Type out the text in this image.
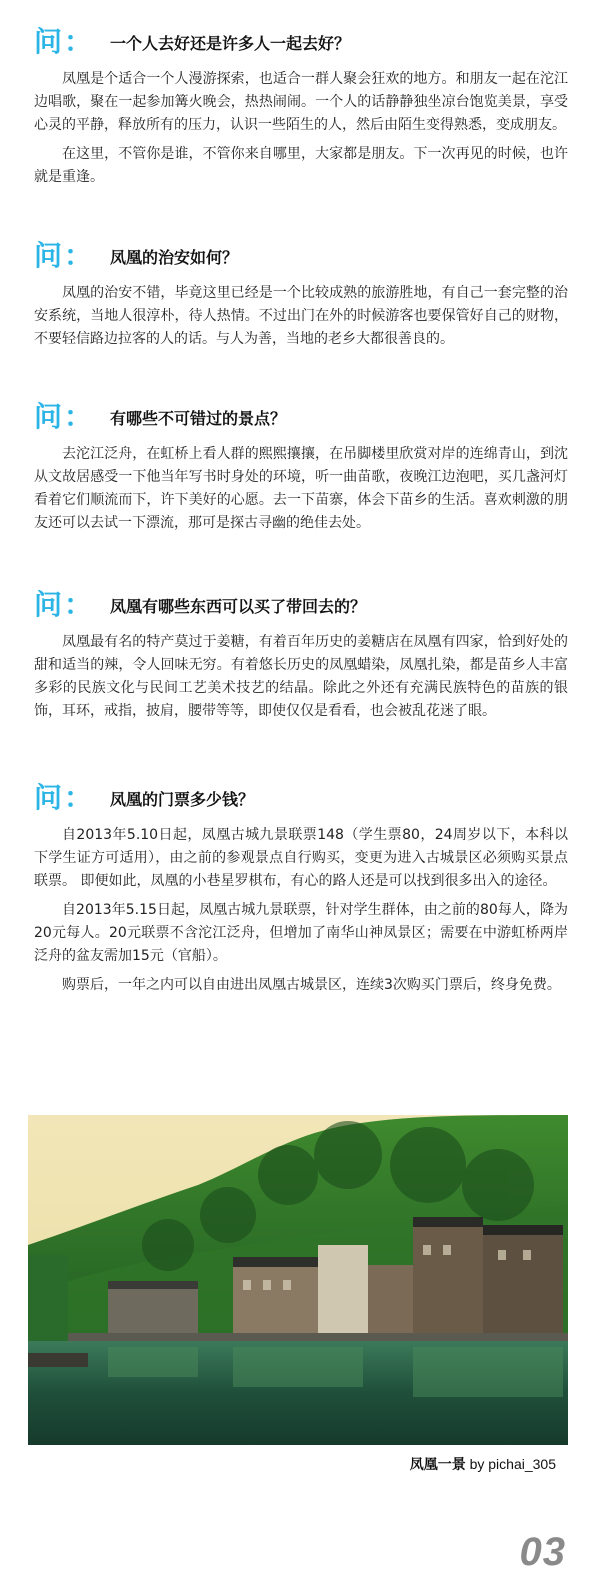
问： 一个人去好还是许多人一起去好？

凤凰是个适合一个人漫游探索，也适合一群人聚会狂欢的地方。和朋友一起在沱江边唱歌，聚在一起参加篝火晚会，热热闹闹。一个人的话静静独坐凉台饱览美景，享受心灵的平静，释放所有的压力，认识一些陌生的人，然后由陌生变得熟悉，变成朋友。

在这里，不管你是谁，不管你来自哪里，大家都是朋友。下一次再见的时候，也许就是重逢。

问： 凤凰的治安如何？

凤凰的治安不错，毕竟这里已经是一个比较成熟的旅游胜地，有自己一套完整的治安系统，当地人很淳朴，待人热情。不过出门在外的时候游客也要保管好自己的财物，不要轻信路边拉客的人的话。与人为善，当地的老乡大都很善良的。

问： 有哪些不可错过的景点？

去沱江泛舟，在虹桥上看人群的熙熙攘攘，在吊脚楼里欣赏对岸的连绵青山，到沈从文故居感受一下他当年写书时身处的环境，听一曲苗歌，夜晚江边泡吧，买几盏河灯看着它们顺流而下，许下美好的心愿。去一下苗寨，体会下苗乡的生活。喜欢刺激的朋友还可以去试一下漂流，那可是探古寻幽的绝佳去处。

问： 凤凰有哪些东西可以买了带回去的？

凤凰最有名的特产莫过于姜糖，有着百年历史的姜糖店在凤凰有四家，恰到好处的甜和适当的辣，令人回味无穷。有着悠长历史的凤凰蜡染，凤凰扎染，都是苗乡人丰富多彩的民族文化与民间工艺美术技艺的结晶。除此之外还有充满民族特色的苗族的银饰，耳环，戒指，披肩，腰带等等，即使仅仅是看看，也会被乱花迷了眼。

问： 凤凰的门票多少钱？

自2013年5.10日起，凤凰古城九景联票148（学生票80，24周岁以下，本科以下学生证方可适用），由之前的参观景点自行购买，变更为进入古城景区必须购买景点联票。 即便如此，凤凰的小巷星罗棋布，有心的路人还是可以找到很多出入的途径。

自2013年5.15日起，凤凰古城九景联票，针对学生群体，由之前的80每人，降为20元每人。20元联票不含沱江泛舟，但增加了南华山神凤景区；需要在中游虹桥两岸泛舟的盆友需加15元（官船）。

购票后，一年之内可以自由进出凤凰古城景区，连续3次购买门票后，终身免费。

凤凰一景 by pichai_305
03
